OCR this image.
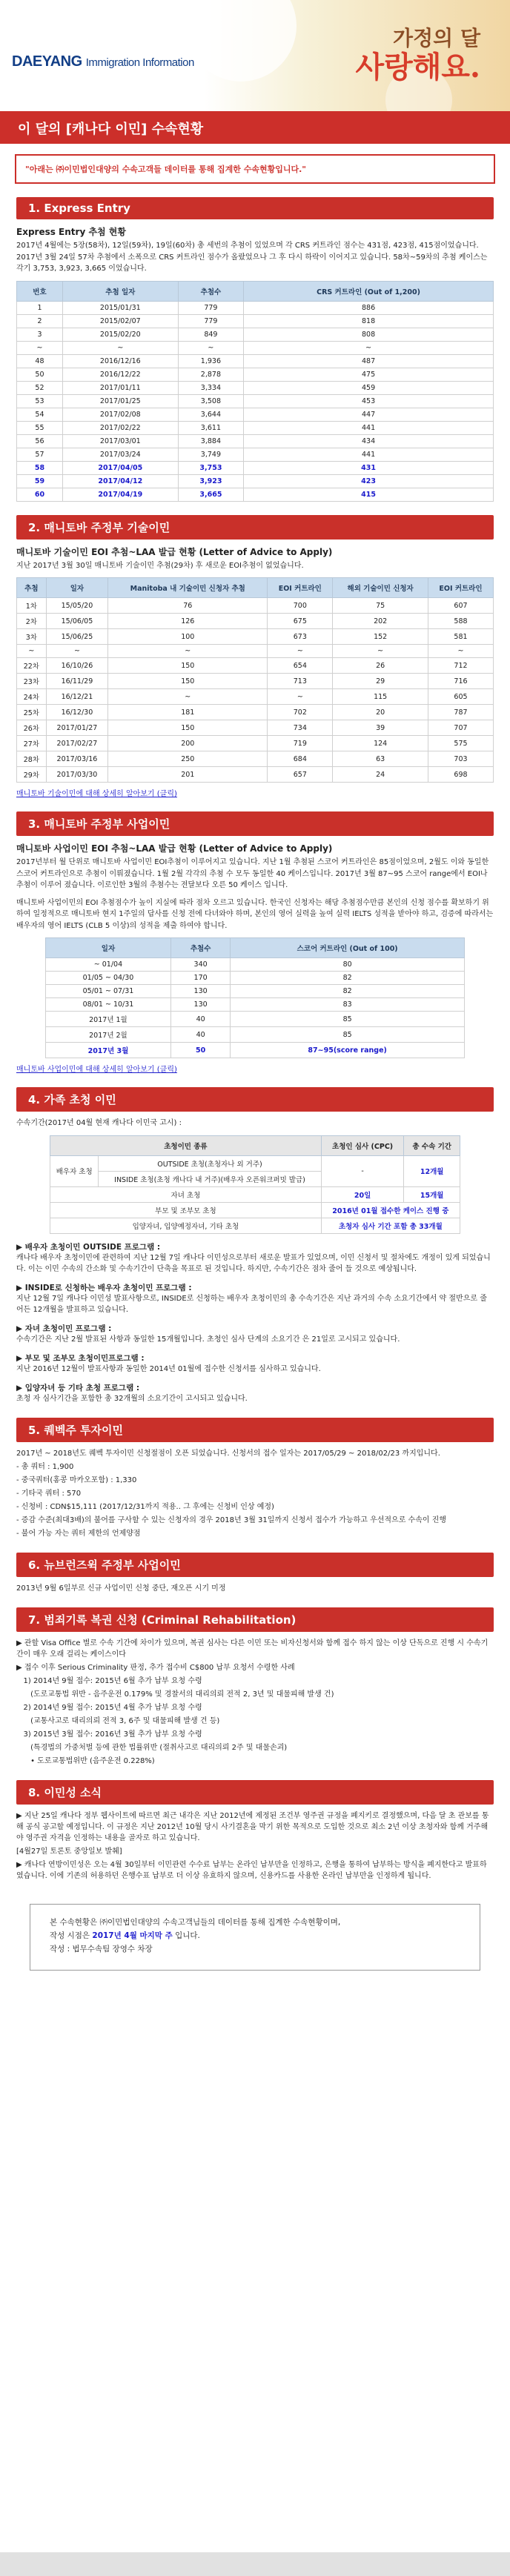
DAEYANG Immigration Information
가정의 달
사랑해요.
이 달의 [캐나다 이민] 수속현황
"아래는 ㈜이민법인대양의 수속고객들 데이터를 통해 집계한 수속현황입니다."
1. Express Entry
Express Entry 추첨 현황
2017년 4월에는 5장(58차), 12일(59차), 19일(60차) 총 세번의 추첨이 있었으며 각 CRS 커트라인 점수는 431점, 423점, 415점이었습니다. 2017년 3월 24일 57차 추첨에서 소폭으로 CRS 커트라인 점수가 올랐었으나 그 후 다시 하락이 이어지고 있습니다. 58차~59차의 추첨 케이스는 각기 3,753, 3,923, 3,665 이었습니다.
번호	추첨 일자	추첨수	CRS 커트라인 (Out of 1,200)
1	2015/01/31	779	886
2	2015/02/07	779	818
3	2015/02/20	849	808
~	~	~	~
48	2016/12/16	1,936	487
50	2016/12/22	2,878	475
52	2017/01/11	3,334	459
53	2017/01/25	3,508	453
54	2017/02/08	3,644	447
55	2017/02/22	3,611	441
56	2017/03/01	3,884	434
57	2017/03/24	3,749	441
58	2017/04/05	3,753	431
59	2017/04/12	3,923	423
60	2017/04/19	3,665	415
2. 매니토바 주정부 기술이민
매니토바 기술이민 EOI 추첨~LAA 발급 현황 (Letter of Advice to Apply)
지난 2017년 3월 30일 매니토바 기술이민 추첨(29차) 후 새로운 EOI추첨이 없었습니다.
추첨	일자	Manitoba 내 기술이민 신청자 추첨	EOI 커트라인	해외 기술이민 신청자	EOI 커트라인
1차	15/05/20	76	700	75	607
2차	15/06/05	126	675	202	588
3차	15/06/25	100	673	152	581
~	~	~	~	~	~
22차	16/10/26	150	654	26	712
23차	16/11/29	150	713	29	716
24차	16/12/21	~	~	115	605
25차	16/12/30	181	702	20	787
26차	2017/01/27	150	734	39	707
27차	2017/02/27	200	719	124	575
28차	2017/03/16	250	684	63	703
29차	2017/03/30	201	657	24	698
매니토바 기술이민에 대해 상세히 알아보기 (클릭)
3. 매니토바 주정부 사업이민
매니토바 사업이민 EOI 추첨~LAA 발급 현황 (Letter of Advice to Apply)
2017년부터 월 단위로 매니토바 사업이민 EOI추첨이 이루어지고 있습니다. 지난 1월 추첨된 스코어 커트라인은 85점이었으며, 2월도 이와 동일한 스코어 커트라인으로 추첨이 이뤄졌습니다. 1월 2월 각각의 추첨 수 모두 동일한 40 케이스입니다. 2017년 3월 87~95 스코어 range에서 EOI나추첨이 이루어 졌습니다. 이로인한 3월의 추첨수는 전달보다 오른 50 케이스 입니다.
매니토바 사업이민의 EOI 추첨점수가 높이 지실에 따라 점차 오르고 있습니다. 한국인 신청자는 해당 추첨점수만큼 본인의 신청 점수를 확보하기 위하여 일정적으로 매니토바 현지 1주일의 답사를 신청 전에 다녀와야 하며, 본인의 영어 실력을 높여 실력 IELTS 성적을 받아야 하고, 검증에 따라서는 배우자의 영어 IELTS (CLB 5 이상)의 성적을 제출 하여야 합니다.
일자	추첨수	스코어 커트라인 (Out of 100)
~ 01/04	340	80
01/05 ~ 04/30	170	82
05/01 ~ 07/31	130	82
08/01 ~ 10/31	130	83
2017년 1월	40	85
2017년 2월	40	85
2017년 3월	50	87~95(score range)
매니토바 사업이민에 대해 상세히 알아보기 (클릭)
4. 가족 초청 이민
수속기간(2017년 04월 현재 캐나다 이민국 고시) :
초청이민 종류		초청인 심사 (CPC)	총 수속 기간
배우자 초청	OUTSIDE 초청(초청자나 외 거주)	-	12개월
	INSIDE 초청(초청 캐나다 내 거주)(배우자 오픈워크퍼밋 발급)		
자녀 초청		20일	15개월
부모 및 조부모 초청		2016년 01월 접수한 케이스 진행 중	
입양자녀, 입양예정자녀, 기타 초청		초청자 심사 기간 포함 총 33개월	
▶ 배우자 초청이민 OUTSIDE 프로그램 :
캐나다 배우자 초청이민에 관련하여 지난 12월 7일 캐나다 이민성으로부터 새로운 발표가 있었으며, 이민 신청서 및 절차에도 개정이 있게 되었습니다. 이는 이민 수속의 간소화 및 수속기간이 단축을 목표로 된 것입니다. 하지만, 수속기간은 점차 줄어 들 것으로 예상됩니다.
▶ INSIDE로 신청하는 배우자 초청이민 프로그램 :
지난 12월 7일 캐나다 이민성 발표사항으로, INSIDE로 신청하는 배우자 초청이민의 총 수속기간은 지난 과거의 수속 소요기간에서 약 절반으로 줄어든 12개월을 발표하고 있습니다.
▶ 자녀 초청이민 프로그램 :
수속기간은 지난 2월 발표된 사항과 동일한 15개월입니다. 초청인 심사 단계의 소요기간 은 21일로 고시되고 있습니다.
▶ 부모 및 조부모 초청이민프로그램 :
지난 2016년 12월이 발표사항과 동일한 2014년 01월에 접수한 신청서를 심사하고 있습니다.
▶ 입양자녀 등 기타 초청 프로그램 :
초청 자 심사기간을 포함한 총 32개월의 소요기간이 고시되고 있습니다.
5. 퀘벡주 투자이민
2017년 ~ 2018년도 퀘벡 투자이민 신청절점이 오픈 되었습니다. 신청서의 접수 일자는 2017/05/29 ~ 2018/02/23 까지입니다.
- 총 쿼터 : 1,900
- 중국쿼터(홍콩 마카오포함) : 1,330
- 기타국 쿼터 : 570
- 신청비 : CDN$15,111 (2017/12/31까지 적용.. 그 후에는 신청비 인상 예정)
- 증감 수준(최대3배)의 불어를 구사할 수 있는 신청자의 경우 2018년 3월 31일까지 신청서 접수가 가능하고 우선적으로 수속이 진행
- 불어 가능 자는 쿼터 제한의 언제양점
6. 뉴브런즈윅 주정부 사업이민
2013년 9월 6일부로 신규 사업이민 신청 중단, 재오픈 시기 미정
7. 범죄기록 복권 신청 (Criminal Rehabilitation)
▶ 관할 Visa Office 별로 수속 기간에 차이가 있으며, 복권 심사는 다른 이민 또는 비자신청서와 함께 접수 하지 않는 이상 단독으로 진행 시 수속기간이 매우 오래 걸리는 케이스이다
▶ 접수 이후 Serious Criminality 판정, 추가 접수비 C$800 납부 요청서 수령한 사례
1) 2014년 9월 접수: 2015년 6월 추가 납부 요청 수령
(도로교통법 위반 - 음주운전 0.179% 및 경찰서의 대리의뢰 전적 2, 3년 및 대물피해 발생 건)
2) 2014년 9월 접수: 2015년 4월 추가 납부 요청 수령
(교통사고로 대리의뢰 전적 3, 6주 및 대물피해 발생 건 등)
3) 2015년 3월 접수: 2016년 3월 추가 납부 요청 수령
(특경법의 가중처벌 등에 관한 법률위반 (절취사고로 대리의뢰 2주 및 대물손괴)
• 도로교통법위반 (음주운전 0.228%)
8. 이민성 소식
▶ 지난 25일 캐나다 정부 웹사이트에 따르면 최근 내각은 지난 2012년에 제정된 조건부 영주권 규정을 폐지키로 결정했으며, 다음 달 초 관보를 통해 공식 공고할 예정입니다. 이 규정은 지난 2012년 10월 당시 사기결혼을 막기 위한 목적으로 도입한 것으로 최소 2년 이상 초청자와 함께 거주해야 영주권 자격을 인정하는 내용을 골자로 하고 있습니다.
[4월27일 토론토 중앙일보 발췌]
▶ 캐나다 연방이민성은 오는 4월 30일부터 이민관련 수수료 납부는 온라인 납부만을 인정하고, 은행을 통하여 납부하는 방식을 폐지한다고 발표하였습니다. 이에 기존의 허용하던 은행수표 납부로 더 이상 유효하지 않으며, 신용카드를 사용한 온라인 납부만을 인정하게 됩니다.
본 수속현황은 ㈜이민법인대양의 수속고객님들의 데이터를 통해 집계한 수속현황이며,
작성 시점은 2017년 4월 마지막 주 입니다.
작성 : 법무수속팀 장영수 차장
